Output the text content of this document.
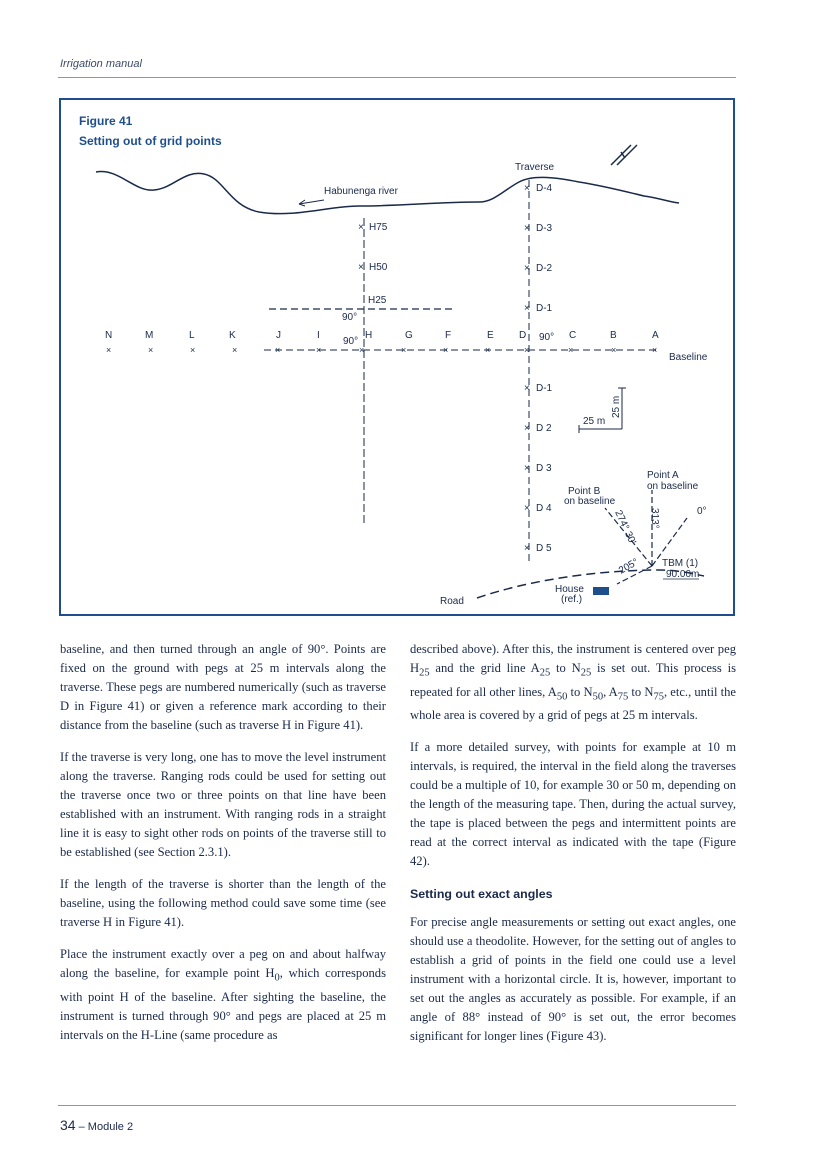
Irrigation manual
Figure 41
Setting out of grid points
Habunenga river
Traverse
× H75
× H50
H25
90°
90°	90°
N	M	L	K	J	I	H	G	F	E	D	C	B	A
×	×	×	×	×	×	×	×	×	×	×	×	×	×
Baseline
× D-4
× D-3
× D-2
× D-1
× D-1
× D 2
× D 3
× D 4
× D 5
25 m
25 m
0°
313°
274° 30'
205°
Point A
on baseline
Point B
on baseline
TBM (1)
90.00m
Road
House
(ref.)

baseline, and then turned through an angle of 90°. Points are fixed on the ground with pegs at 25 m intervals along the traverse. These pegs are numbered numerically (such as traverse D in Figure 41) or given a reference mark according to their distance from the baseline (such as traverse H in Figure 41).

If the traverse is very long, one has to move the level instrument along the traverse. Ranging rods could be used for setting out the traverse once two or three points on that line have been established with an instrument. With ranging rods in a straight line it is easy to sight other rods on points of the traverse still to be established (see Section 2.3.1).

If the length of the traverse is shorter than the length of the baseline, using the following method could save some time (see traverse H in Figure 41).

Place the instrument exactly over a peg on and about halfway along the baseline, for example point $H_0$, which corresponds with point H of the baseline. After sighting the baseline, the instrument is turned through 90° and pegs are placed at 25 m intervals on the H-Line (same procedure as

described above). After this, the instrument is centered over peg $H_{25}$ and the grid line $A_{25}$ to $N_{25}$ is set out. This process is repeated for all other lines, $A_{50}$ to $N_{50}$, $A_{75}$ to $N_{75}$, etc., until the whole area is covered by a grid of pegs at 25 m intervals.

If a more detailed survey, with points for example at 10 m intervals, is required, the interval in the field along the traverses could be a multiple of 10, for example 30 or 50 m, depending on the length of the measuring tape. Then, during the actual survey, the tape is placed between the pegs and intermittent points are read at the correct interval as indicated with the tape (Figure 42).

Setting out exact angles

For precise angle measurements or setting out exact angles, one should use a theodolite. However, for the setting out of angles to establish a grid of points in the field one could use a level instrument with a horizontal circle. It is, however, important to set out the angles as accurately as possible. For example, if an angle of 88° instead of 90° is set out, the error becomes significant for longer lines (Figure 43).

34 – Module 2
